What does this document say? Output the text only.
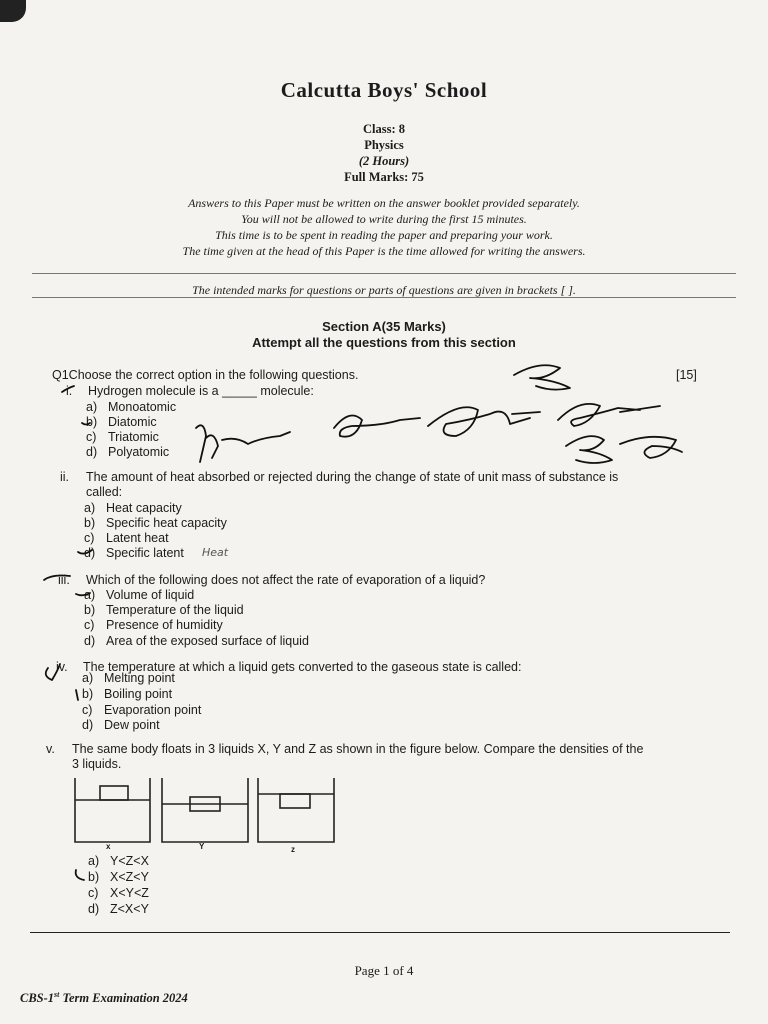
Calcutta Boys' School
Class: 8
Physics
(2 Hours)
Full Marks: 75
Answers to this Paper must be written on the answer booklet provided separately.
You will not be allowed to write during the first 15 minutes.
This time is to be spent in reading the paper and preparing your work.
The time given at the head of this Paper is the time allowed for writing the answers.
The intended marks for questions or parts of questions are given in brackets [ ].
Section A(35 Marks)
Attempt all the questions from this section
Q1Choose the correct option in the following questions.	[15]
i. Hydrogen molecule is a _____ molecule:
a) Monoatomic
b) Diatomic
c) Triatomic
d) Polyatomic
ii. The amount of heat absorbed or rejected during the change of state of unit mass of substance is
called:
a) Heat capacity
b) Specific heat capacity
c) Latent heat
d) Specific latent Heat
iii. Which of the following does not affect the rate of evaporation of a liquid?
a) Volume of liquid
b) Temperature of the liquid
c) Presence of humidity
d) Area of the exposed surface of liquid
iv. The temperature at which a liquid gets converted to the gaseous state is called:
a) Melting point
b) Boiling point
c) Evaporation point
d) Dew point
v. The same body floats in 3 liquids X, Y and Z as shown in the figure below. Compare the densities of the
3 liquids.
x	Y	z
a) Y<Z<X
b) X<Z<Y
c) X<Y<Z
d) Z<X<Y
Page 1 of 4
CBS-1st Term Examination 2024
